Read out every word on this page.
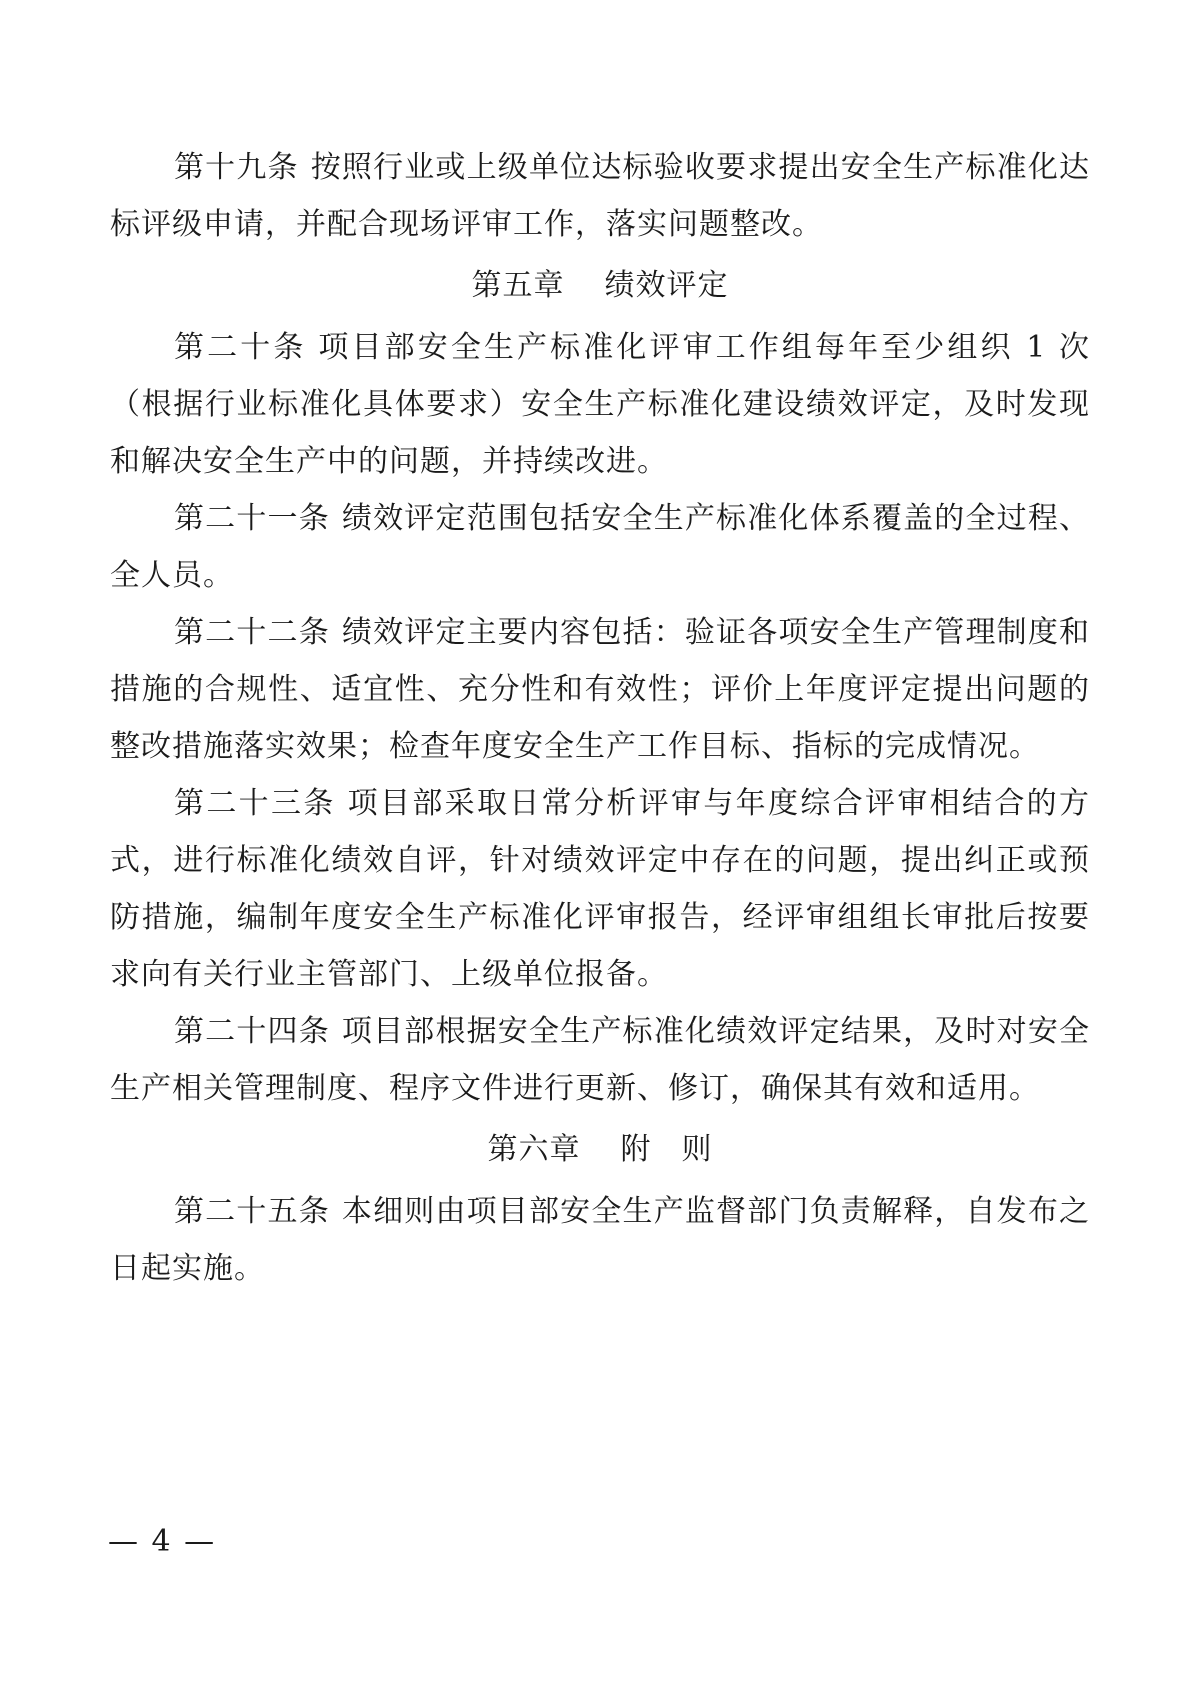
第十九条 按照行业或上级单位达标验收要求提出安全生产标准化达标评级申请，并配合现场评审工作，落实问题整改。

第五章 绩效评定

第二十条 项目部安全生产标准化评审工作组每年至少组织 1 次（根据行业标准化具体要求）安全生产标准化建设绩效评定，及时发现和解决安全生产中的问题，并持续改进。

第二十一条 绩效评定范围包括安全生产标准化体系覆盖的全过程、全人员。

第二十二条 绩效评定主要内容包括：验证各项安全生产管理制度和措施的合规性、适宜性、充分性和有效性；评价上年度评定提出问题的整改措施落实效果；检查年度安全生产工作目标、指标的完成情况。

第二十三条 项目部采取日常分析评审与年度综合评审相结合的方式，进行标准化绩效自评，针对绩效评定中存在的问题，提出纠正或预防措施，编制年度安全生产标准化评审报告，经评审组组长审批后按要求向有关行业主管部门、上级单位报备。

第二十四条 项目部根据安全生产标准化绩效评定结果，及时对安全生产相关管理制度、程序文件进行更新、修订，确保其有效和适用。

第六章 附 则

第二十五条 本细则由项目部安全生产监督部门负责解释，自发布之日起实施。

— 4 —
